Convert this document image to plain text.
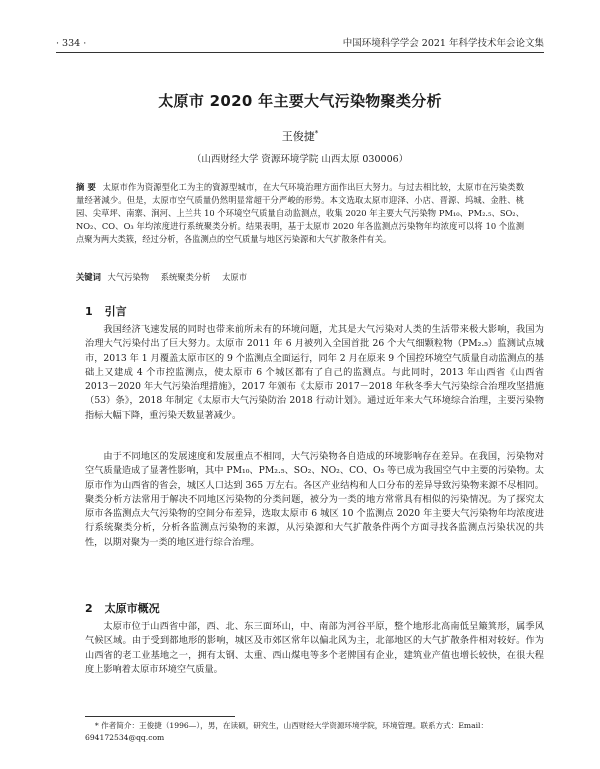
· 334 ·	中国环境科学学会 2021 年科学技术年会论文集
太原市 2020 年主要大气污染物聚类分析
王俊捷*
（山西财经大学 资源环境学院 山西太原 030006）
摘 要 太原市作为资源型化工为主的資源型城市，在大气环境治理方面作出巨大努力。与过去相比较，太原市在污染类数量经著減少。但是，太原市空气质量仍然明显常超干分严峻的形势。本文选取太原市迎泽、小店、晋源、坞城、金胜、桃园、尖草坪、南寨、涧河、上兰共 10 个环境空气质量自动监测点，收集 2020 年主要大气污染物 PM₁₀、PM₂.₅、SO₂、NO₂、CO、O₃ 年均浓度进行系统聚类分析。结果表明，基于太原市 2020 年各监测点污染物年均浓度可以将 10 个监测点聚为两大类簇，经过分析，各监测点的空气质量与地区污染源和大气扩散条件有关。
关键词 大气污染物 系统聚类分析 太原市
1 引言
我国经济飞速发展的同时也带来前所未有的环境问题，尤其是大气污染对人类的生活带来极大影响，我国为治理大气污染付出了巨大努力。太原市 2011 年 6 月被列入全国首批 26 个大气细颗粒物（PM₂.₅）监测试点城市，2013 年 1 月覆盖太原市区的 9 个监测点全面运行，同年 2 月在原来 9 个国控环境空气质量自动监测点的基础上又建成 4 个市控监测点，使太原市 6 个城区都有了自己的监测点。与此同时，2013 年山西省《山西省 2013－2020 年大气污染治理措施》，2017 年颁布《太原市 2017－2018 年秋冬季大气污染综合治理攻坚措施（53）条》，2018 年制定《太原市大气污染防治 2018 行动计划》。通过近年来大气环境综合治理，主要污染物指标大幅下降，重污染天数显著减少。
由于不同地区的发展速度和发展重点不相同，大气污染物各自造成的环境影响存在差异。在我国，污染物对空气质量造成了显著性影响，其中 PM₁₀、PM₂.₅、SO₂、NO₂、CO、O₃ 等已成为我国空气中主要的污染物。太原市作为山西省的省会，城区人口达到 365 万左右。各区产业结构和人口分布的差异导致污染物来源不尽相同。聚类分析方法常用于解决不同地区污染物的分类问题，被分为一类的地方常常具有相似的污染情况。为了探究太原市各监测点大气污染物的空间分布差异，选取太原市 6 城区 10 个监测点 2020 年主要大气污染物年均浓度进行系统聚类分析，分析各监测点污染物的来源，从污染源和大气扩散条件两个方面寻找各监测点污染状况的共性，以期对聚为一类的地区进行综合治理。
2 太原市概况
太原市位于山西省中部，西、北、东三面环山，中、南部为河谷平原，整个地形北高南低呈簸箕形，属季风气候区域。由于受到都地形的影响，城区及市郊区常年以偏北风为主，北部地区的大气扩散条件相对较好。作为山西省的老工业基地之一，拥有太钢、太重、西山煤电等多个老牌国有企业，建筑业产值也增长较快，在很大程度上影响着太原市环境空气质量。
* 作者简介：王俊捷（1996—），男，在读硕，研究生，山西财经大学资源环境学院，环境管理。联系方式：Email：694172534@qq.com
